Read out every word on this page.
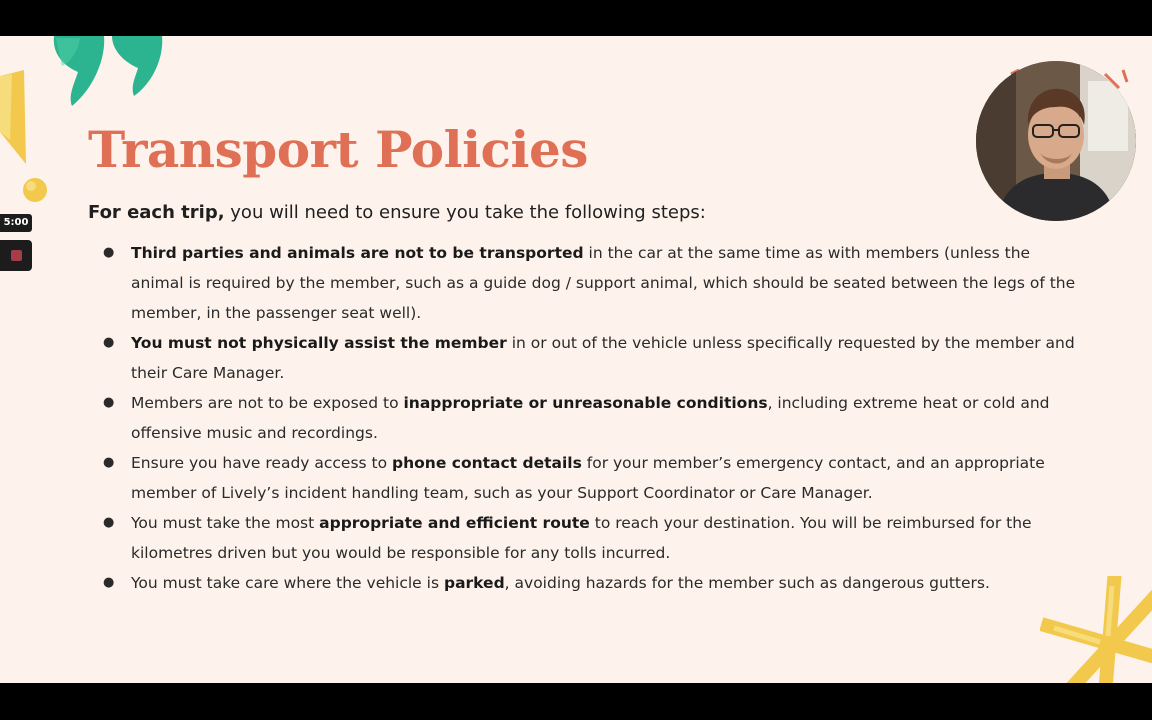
Transport Policies

For each trip, you will need to ensure you take the following steps:

● Third parties and animals are not to be transported in the car at the same time as with members (unless the animal is required by the member, such as a guide dog / support animal, which should be seated between the legs of the member, in the passenger seat well).
● You must not physically assist the member in or out of the vehicle unless specifically requested by the member and their Care Manager.
● Members are not to be exposed to inappropriate or unreasonable conditions, including extreme heat or cold and offensive music and recordings.
● Ensure you have ready access to phone contact details for your member’s emergency contact, and an appropriate member of Lively’s incident handling team, such as your Support Coordinator or Care Manager.
● You must take the most appropriate and efficient route to reach your destination. You will be reimbursed for the kilometres driven but you would be responsible for any tolls incurred.
● You must take care where the vehicle is parked, avoiding hazards for the member such as dangerous gutters.
5:00
